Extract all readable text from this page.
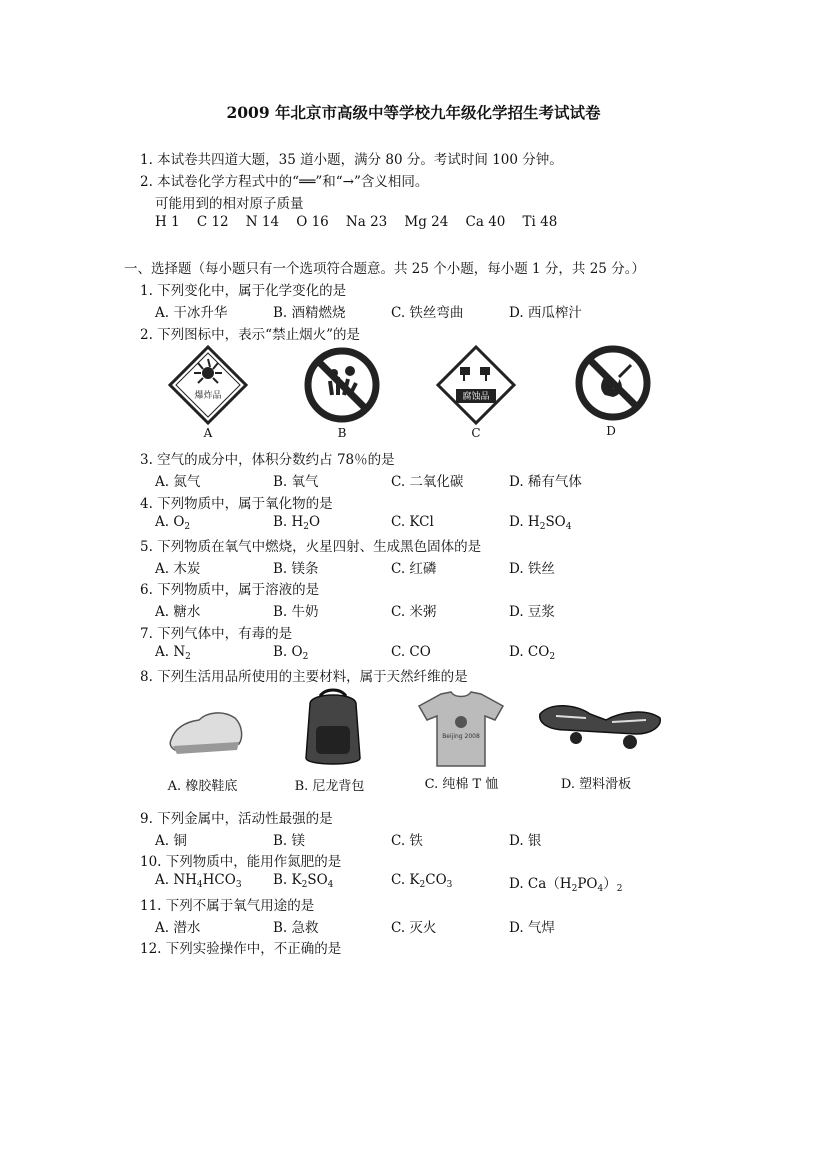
2009 年北京市高级中等学校九年级化学招生考试试卷
1. 本试卷共四道大题，35 道小题，满分 80 分。考试时间 100 分钟。
2. 本试卷化学方程式中的“══”和“→”含义相同。
可能用到的相对原子质量
H 1    C 12    N 14    O 16    Na 23    Mg 24    Ca 40    Ti 48
一、选择题（每小题只有一个选项符合题意。共 25 个小题，每小题 1 分，共 25 分。）
1. 下列变化中，属于化学变化的是
A. 干冰升华	B. 酒精燃烧	C. 铁丝弯曲	D. 西瓜榨汁
2. 下列图标中，表示“禁止烟火”的是
爆炸品
A	B
腐蚀品
C	D
3. 空气的成分中，体积分数约占 78％的是
A. 氮气	B. 氧气	C. 二氧化碳	D. 稀有气体
4. 下列物质中，属于氧化物的是
A. $O_2$	B. $H_2O$	C. KCl	D. $H_2SO_4$
5. 下列物质在氧气中燃烧，火星四射、生成黑色固体的是
A. 木炭	B. 镁条	C. 红磷	D. 铁丝
6. 下列物质中，属于溶液的是
A. 糖水	B. 牛奶	C. 米粥	D. 豆浆
7. 下列气体中，有毒的是
A. $N_2$	B. $O_2$	C. CO	D. $CO_2$
8. 下列生活用品所使用的主要材料，属于天然纤维的是
A. 橡胶鞋底	B. 尼龙背包
Beijing 2008
C. 纯棉 T 恤	D. 塑料滑板
9. 下列金属中，活动性最强的是
A. 铜	B. 镁	C. 铁	D. 银
10. 下列物质中，能用作氮肥的是
A. $NH_4HCO_3$ B. $K_2SO_4$	C. $K_2CO_3$	D. $Ca(H_2PO_4)_2$
11. 下列不属于氧气用途的是
A. 潜水	B. 急救	C. 灭火	D. 气焊
12. 下列实验操作中，不正确的是
